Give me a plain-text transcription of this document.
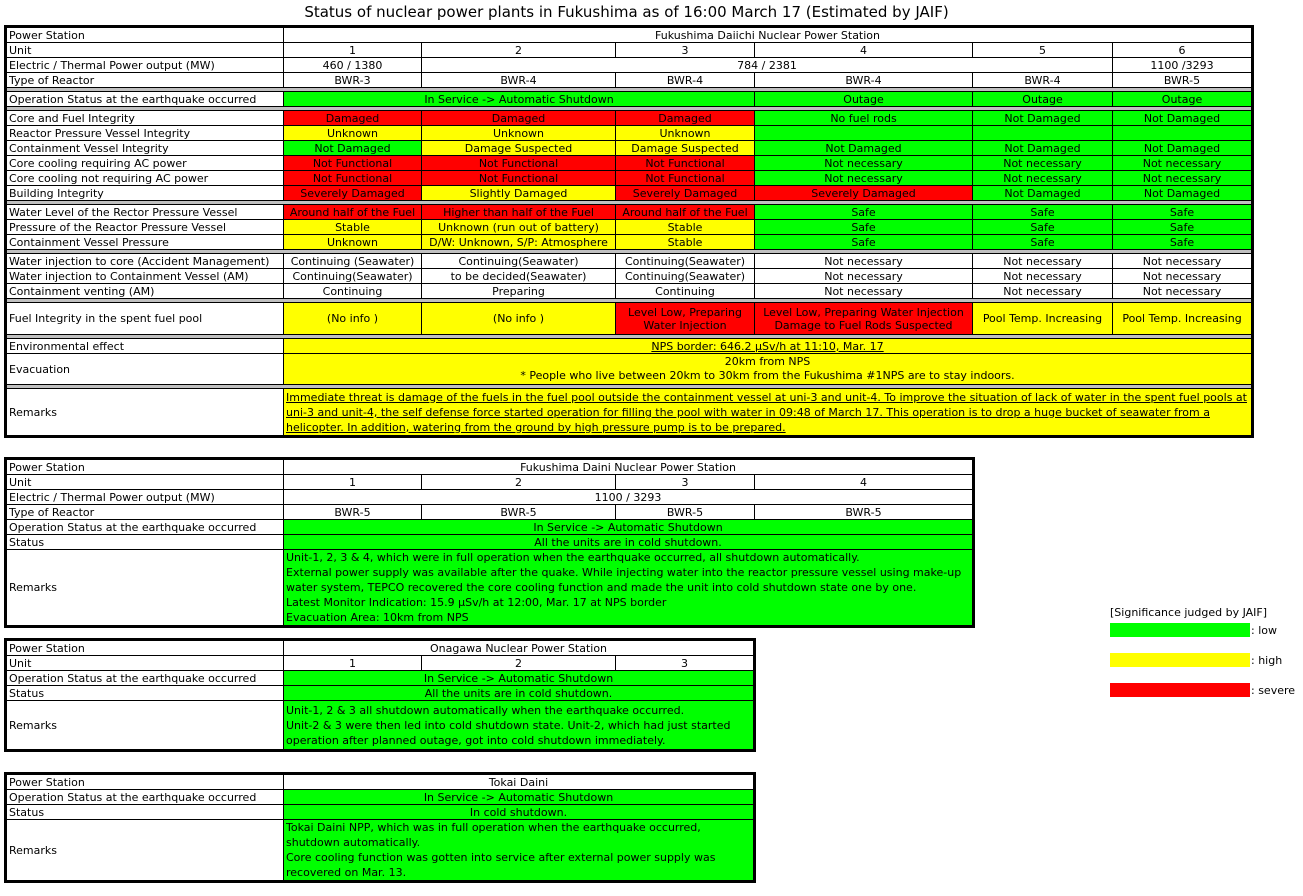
Status of nuclear power plants in Fukushima as of 16:00 March 17 (Estimated by JAIF)
Power Station	Fukushima Daiichi Nuclear Power Station					
Unit	1	2	3	4	5	6
Electric / Thermal Power output (MW)	460 / 1380	784 / 2381				1100 /3293
Type of Reactor	BWR-3	BWR-4	BWR-4	BWR-4	BWR-4	BWR-5

Operation Status at the earthquake occurred	In Service -> Automatic Shutdown			Outage	Outage	Outage

Core and Fuel Integrity	Damaged	Damaged	Damaged	No fuel rods	Not Damaged	Not Damaged
Reactor Pressure Vessel Integrity	Unknown	Unknown	Unknown			
Containment Vessel Integrity	Not Damaged	Damage Suspected	Damage Suspected	Not Damaged	Not Damaged	Not Damaged
Core cooling requiring AC power	Not Functional	Not Functional	Not Functional	Not necessary	Not necessary	Not necessary
Core cooling not requiring AC power	Not Functional	Not Functional	Not Functional	Not necessary	Not necessary	Not necessary
Building Integrity	Severely Damaged	Slightly Damaged	Severely Damaged	Severely Damaged	Not Damaged	Not Damaged

Water Level of the Rector Pressure Vessel	Around half of the Fuel	Higher than half of the Fuel	Around half of the Fuel	Safe	Safe	Safe
Pressure of the Reactor Pressure Vessel	Stable	Unknown (run out of battery)	Stable	Safe	Safe	Safe
Containment Vessel Pressure	Unknown	D/W: Unknown, S/P: Atmosphere	Stable	Safe	Safe	Safe

Water injection to core (Accident Management)	Continuing (Seawater)	Continuing(Seawater)	Continuing(Seawater)	Not necessary	Not necessary	Not necessary
Water injection to Containment Vessel (AM)	Continuing(Seawater)	to be decided(Seawater)	Continuing(Seawater)	Not necessary	Not necessary	Not necessary
Containment venting (AM)	Continuing	Preparing	Continuing	Not necessary	Not necessary	Not necessary

Fuel Integrity in the spent fuel pool	(No info )	(No info )	Level Low, Preparing Water Injection	Level Low, Preparing Water Injection Damage to Fuel Rods Suspected	Pool Temp. Increasing	Pool Temp. Increasing

Environmental effect	NPS border: 646.2 μSv/h at 11:10, Mar. 17					
Evacuation	20km from NPS
* People who live between 20km to 30km from the Fukushima #1NPS are to stay indoors.					

Remarks	Immediate threat is damage of the fuels in the fuel pool outside the containment vessel at uni-3 and unit-4. To improve the situation of lack of water in the spent fuel pools at uni-3 and unit-4, the self defense force started operation for filling the pool with water in 09:48 of March 17. This operation is to drop a huge bucket of seawater from a helicopter. In addition, watering from the ground by high pressure pump is to be prepared.					
Power Station	Fukushima Daini Nuclear Power Station			
Unit	1	2	3	4
Electric / Thermal Power output (MW)	1100 / 3293			
Type of Reactor	BWR-5	BWR-5	BWR-5	BWR-5
Operation Status at the earthquake occurred	In Service -> Automatic Shutdown			
Status	All the units are in cold shutdown.			
Remarks	Unit-1, 2, 3 & 4, which were in full operation when the earthquake occurred, all shutdown automatically.
External power supply was available after the quake. While injecting water into the reactor pressure vessel using make-up water system, TEPCO recovered the core cooling function and made the unit into cold shutdown state one by one.
Latest Monitor Indication: 15.9 μSv/h at 12:00, Mar. 17 at NPS border
Evacuation Area: 10km from NPS			
Power Station	Onagawa Nuclear Power Station		
Unit	1	2	3
Operation Status at the earthquake occurred	In Service -> Automatic Shutdown		
Status	All the units are in cold shutdown.		
Remarks	Unit-1, 2 & 3 all shutdown automatically when the earthquake occurred.
Unit-2 & 3 were then led into cold shutdown state. Unit-2, which had just started operation after planned outage, got into cold shutdown immediately.		
Power Station	Tokai Daini
Operation Status at the earthquake occurred	In Service -> Automatic Shutdown
Status	In cold shutdown.
Remarks	Tokai Daini NPP, which was in full operation when the earthquake occurred, shutdown automatically.
Core cooling function was gotten into service after external power supply was recovered on Mar. 13.
[Significance judged by JAIF]
: low
: high
: severe
